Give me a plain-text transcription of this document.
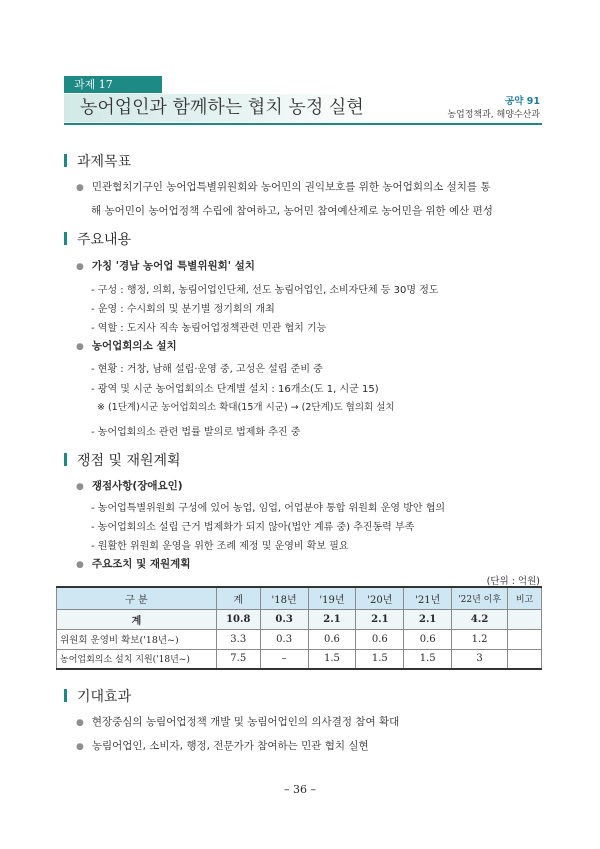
과제 17
농어업인과 함께하는 협치 농정 실현	공약 91
농업정책과, 해양수산과
과제목표
● 민관협치기구인 농어업특별위원회와 농어민의 권익보호를 위한 농어업회의소 설치를 통
해 농어민이 농어업정책 수립에 참여하고, 농어민 참여예산제로 농어민을 위한 예산 편성
주요내용
● 가칭 '경남 농어업 특별위원회' 설치
- 구성 : 행정, 의회, 농림어업인단체, 선도 농림어업인, 소비자단체 등 30명 정도
- 운영 : 수시회의 및 분기별 정기회의 개최
- 역할 : 도지사 직속 농림어업정책관련 민관 협치 기능
● 농어업회의소 설치
- 현황 : 거창, 남해 설립·운영 중, 고성은 설립 준비 중
- 광역 및 시군 농어업회의소 단계별 설치 : 16개소(도 1, 시군 15)
※ (1단계)시군 농어업회의소 확대(15개 시군) → (2단계)도 협의회 설치
- 농어업회의소 관련 법률 발의로 법제화 추진 중
쟁점 및 재원계획
● 쟁점사항(장애요인)
- 농어업특별위원회 구성에 있어 농업, 임업, 어업분야 통합 위원회 운영 방안 협의
- 농어업회의소 설립 근거 법제화가 되지 않아(법안 계류 중) 추진동력 부족
- 원활한 위원회 운영을 위한 조례 제정 및 운영비 확보 필요
● 주요조치 및 재원계획
(단위 : 억원)
구 분	계	'18년	'19년	'20년	'21년	'22년 이후	비고
계	10.8	0.3	2.1	2.1	2.1	4.2	
위원회 운영비 확보('18년~)	3.3	0.3	0.6	0.6	0.6	1.2	
농어업회의소 설치 지원('18년~)	7.5	–	1.5	1.5	1.5	3	
기대효과
● 현장중심의 농림어업정책 개발 및 농림어업인의 의사결정 참여 확대
● 농림어업인, 소비자, 행정, 전문가가 참여하는 민관 협치 실현
– 36 –
